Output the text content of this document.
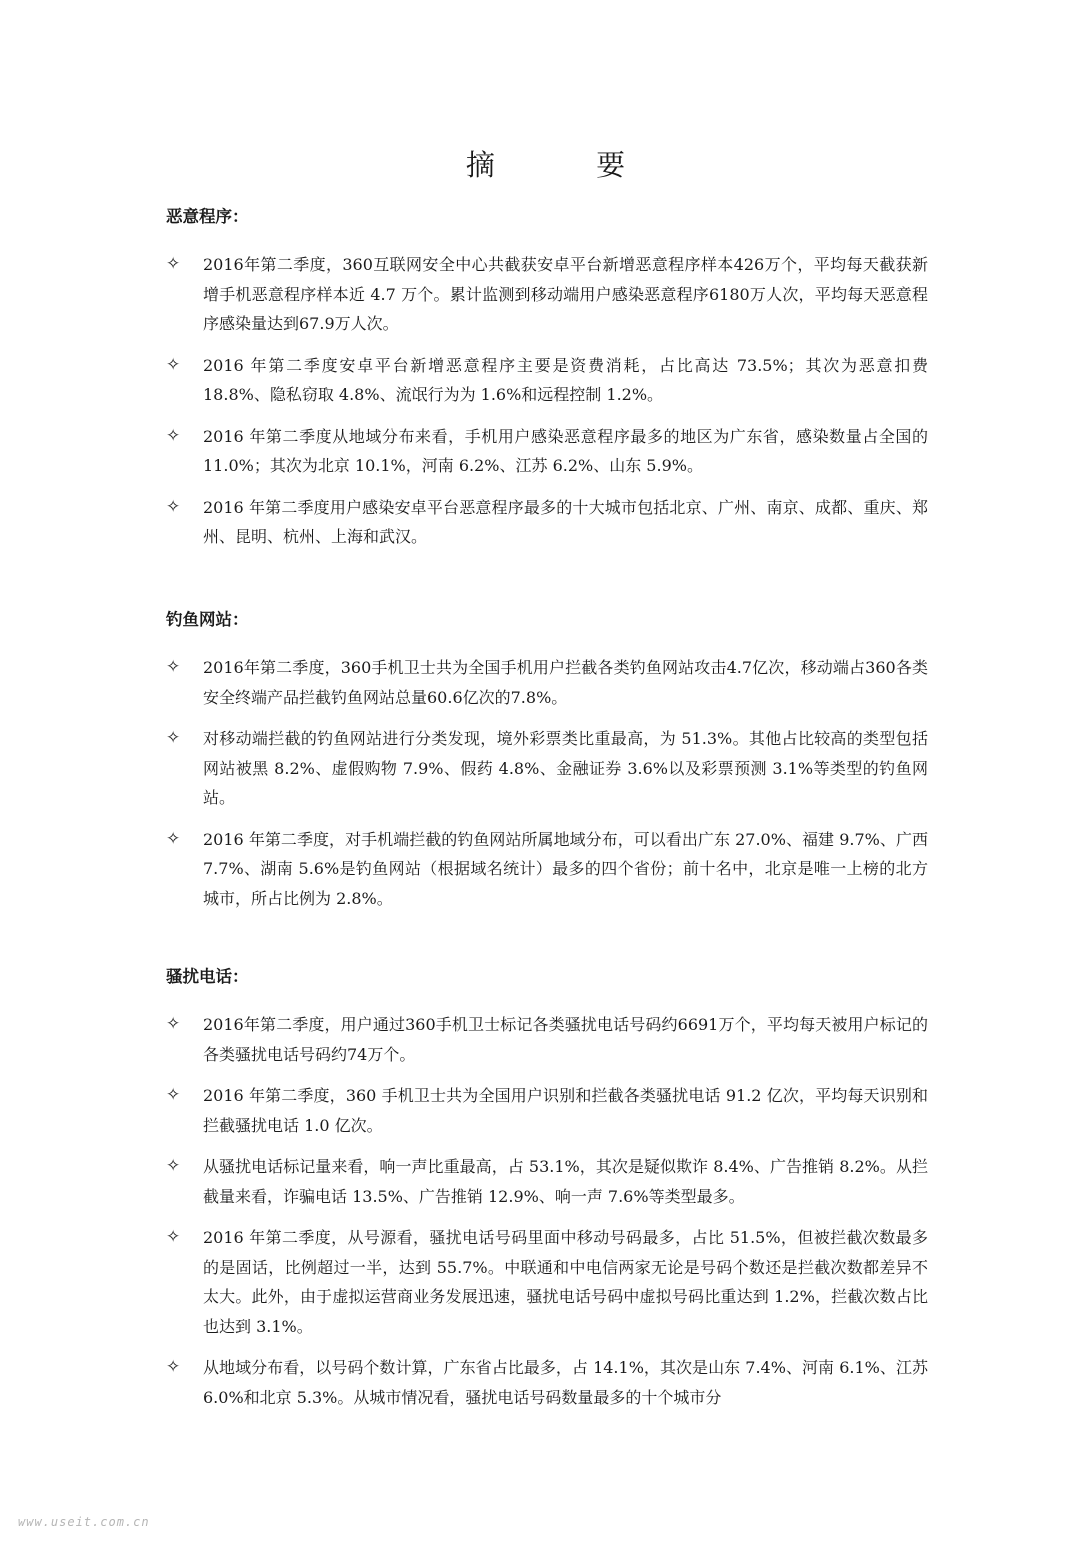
摘 要
恶意程序：
✧ 2016年第二季度，360互联网安全中心共截获安卓平台新增恶意程序样本426万个，平均每天截获新增手机恶意程序样本近 4.7 万个。累计监测到移动端用户感染恶意程序6180万人次，平均每天恶意程序感染量达到67.9万人次。
✧ 2016 年第二季度安卓平台新增恶意程序主要是资费消耗，占比高达 73.5%；其次为恶意扣费 18.8%、隐私窃取 4.8%、流氓行为为 1.6%和远程控制 1.2%。
✧ 2016 年第二季度从地域分布来看，手机用户感染恶意程序最多的地区为广东省，感染数量占全国的 11.0%；其次为北京 10.1%，河南 6.2%、江苏 6.2%、山东 5.9%。
✧ 2016 年第二季度用户感染安卓平台恶意程序最多的十大城市包括北京、广州、南京、成都、重庆、郑州、昆明、杭州、上海和武汉。
钓鱼网站：
✧ 2016年第二季度，360手机卫士共为全国手机用户拦截各类钓鱼网站攻击4.7亿次，移动端占360各类安全终端产品拦截钓鱼网站总量60.6亿次的7.8%。
✧ 对移动端拦截的钓鱼网站进行分类发现，境外彩票类比重最高，为 51.3%。其他占比较高的类型包括网站被黑 8.2%、虚假购物 7.9%、假药 4.8%、金融证券 3.6%以及彩票预测 3.1%等类型的钓鱼网站。
✧ 2016 年第二季度，对手机端拦截的钓鱼网站所属地域分布，可以看出广东 27.0%、福建 9.7%、广西 7.7%、湖南 5.6%是钓鱼网站（根据域名统计）最多的四个省份；前十名中，北京是唯一上榜的北方城市，所占比例为 2.8%。
骚扰电话：
✧ 2016年第二季度，用户通过360手机卫士标记各类骚扰电话号码约6691万个，平均每天被用户标记的各类骚扰电话号码约74万个。
✧ 2016 年第二季度，360 手机卫士共为全国用户识别和拦截各类骚扰电话 91.2 亿次，平均每天识别和拦截骚扰电话 1.0 亿次。
✧ 从骚扰电话标记量来看，响一声比重最高，占 53.1%，其次是疑似欺诈 8.4%、广告推销 8.2%。从拦截量来看，诈骗电话 13.5%、广告推销 12.9%、响一声 7.6%等类型最多。
✧ 2016 年第二季度，从号源看，骚扰电话号码里面中移动号码最多，占比 51.5%，但被拦截次数最多的是固话，比例超过一半，达到 55.7%。中联通和中电信两家无论是号码个数还是拦截次数都差异不太大。此外，由于虚拟运营商业务发展迅速，骚扰电话号码中虚拟号码比重达到 1.2%，拦截次数占比也达到 3.1%。
✧ 从地域分布看，以号码个数计算，广东省占比最多，占 14.1%，其次是山东 7.4%、河南 6.1%、江苏 6.0%和北京 5.3%。从城市情况看，骚扰电话号码数量最多的十个城市分
www.useit.com.cn
